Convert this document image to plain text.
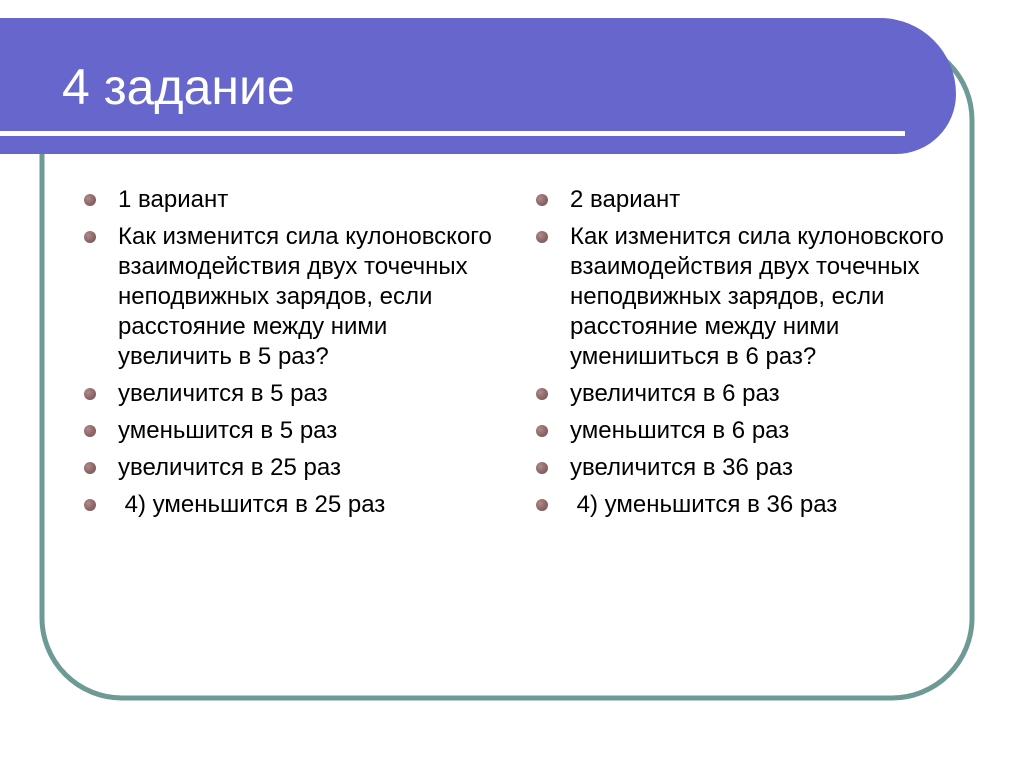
4 задание
1 вариант
Как изменится сила кулоновского взаимодействия двух точечных неподвижных зарядов, если расстояние между ними увеличить в 5 раз?
увеличится в 5 раз
уменьшится в 5 раз
увеличится в 25 раз
4) уменьшится в 25 раз
2 вариант
Как изменится сила кулоновского взаимодействия двух точечных неподвижных зарядов, если расстояние между ними уменишиться в 6 раз?
увеличится в 6 раз
уменьшится в 6 раз
увеличится в 36 раз
4) уменьшится в 36 раз
